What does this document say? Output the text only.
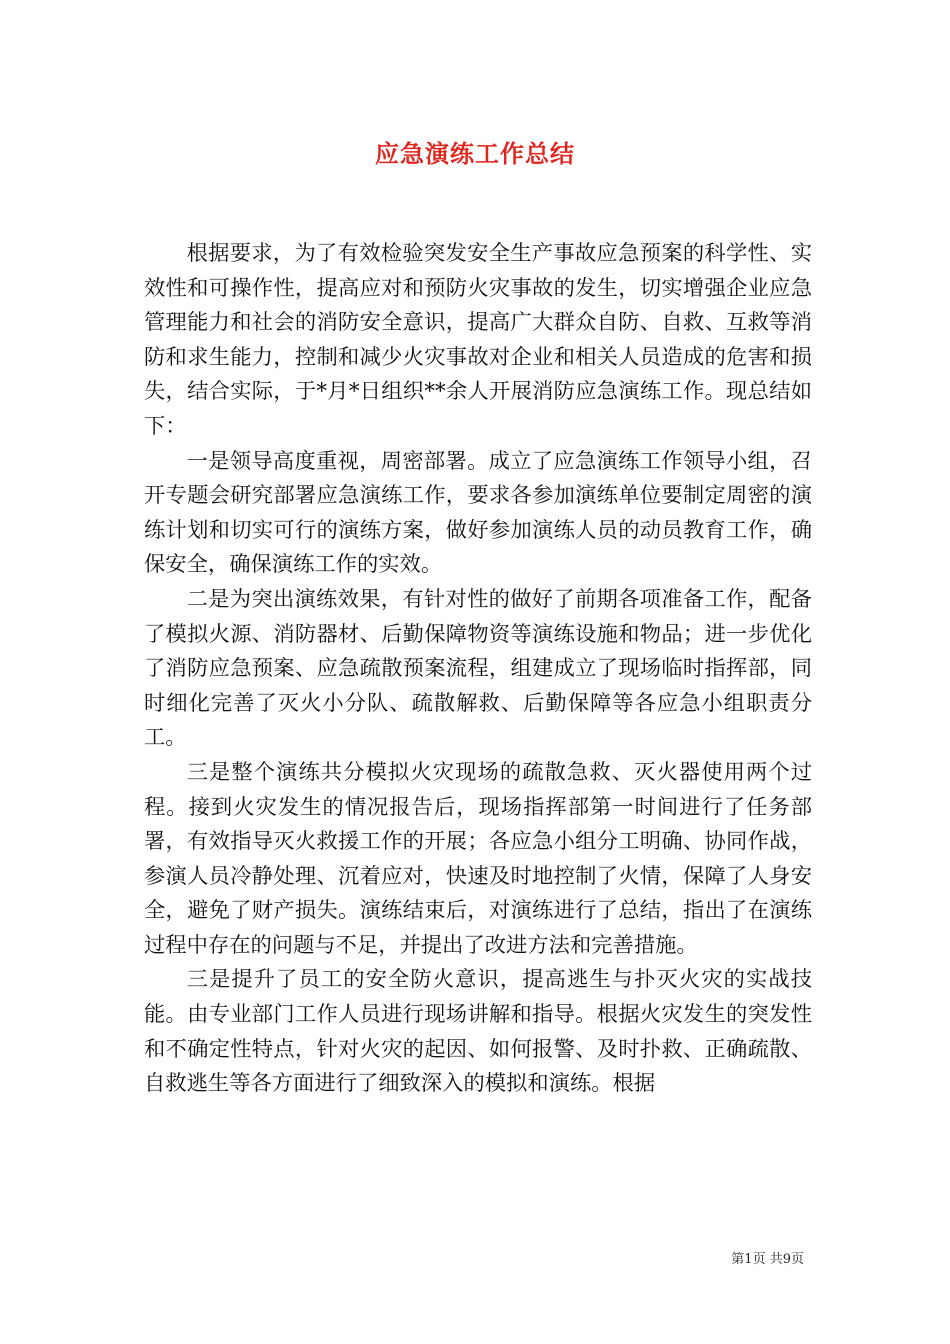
应急演练工作总结

根据要求，为了有效检验突发安全生产事故应急预案的科学性、实效性和可操作性，提高应对和预防火灾事故的发生，切实增强企业应急管理能力和社会的消防安全意识，提高广大群众自防、自救、互救等消防和求生能力，控制和减少火灾事故对企业和相关人员造成的危害和损失，结合实际，于*月*日组织**余人开展消防应急演练工作。现总结如下：

一是领导高度重视，周密部署。成立了应急演练工作领导小组，召开专题会研究部署应急演练工作，要求各参加演练单位要制定周密的演练计划和切实可行的演练方案，做好参加演练人员的动员教育工作，确保安全，确保演练工作的实效。

二是为突出演练效果，有针对性的做好了前期各项准备工作，配备了模拟火源、消防器材、后勤保障物资等演练设施和物品；进一步优化了消防应急预案、应急疏散预案流程，组建成立了现场临时指挥部，同时细化完善了灭火小分队、疏散解救、后勤保障等各应急小组职责分工。

三是整个演练共分模拟火灾现场的疏散急救、灭火器使用两个过程。接到火灾发生的情况报告后，现场指挥部第一时间进行了任务部署，有效指导灭火救援工作的开展；各应急小组分工明确、协同作战，参演人员冷静处理、沉着应对，快速及时地控制了火情，保障了人身安全，避免了财产损失。演练结束后，对演练进行了总结，指出了在演练过程中存在的问题与不足，并提出了改进方法和完善措施。

三是提升了员工的安全防火意识，提高逃生与扑灭火灾的实战技能。由专业部门工作人员进行现场讲解和指导。根据火灾发生的突发性和不确定性特点，针对火灾的起因、如何报警、及时扑救、正确疏散、自救逃生等各方面进行了细致深入的模拟和演练。根据

第1页 共9页
